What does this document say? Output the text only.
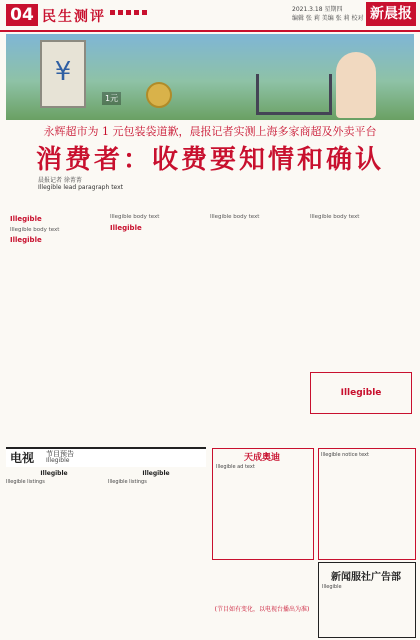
04 民生测评	2021.3.18 星期四
编辑 张 莉 美编 张 莉 校对 新晨报
¥
1元
永辉超市为 1 元包装袋道歉，晨报记者实测上海多家商超及外卖平台
消费者：收费要知情和确认
晨报记者 徐菁菁
Illegible lead paragraph text
Illegible

Illegible body text

Illegible

Illegible body text

Illegible

Illegible body text	Illegible body text

Illegible
电视 节目预告
Illegible
Illegible
Illegible listings
Illegible
Illegible listings
天成奥迪
Illegible ad text
Illegible notice text
新闻服社广告部
Illegible
(节目如有变化，以电视台播出为准)
